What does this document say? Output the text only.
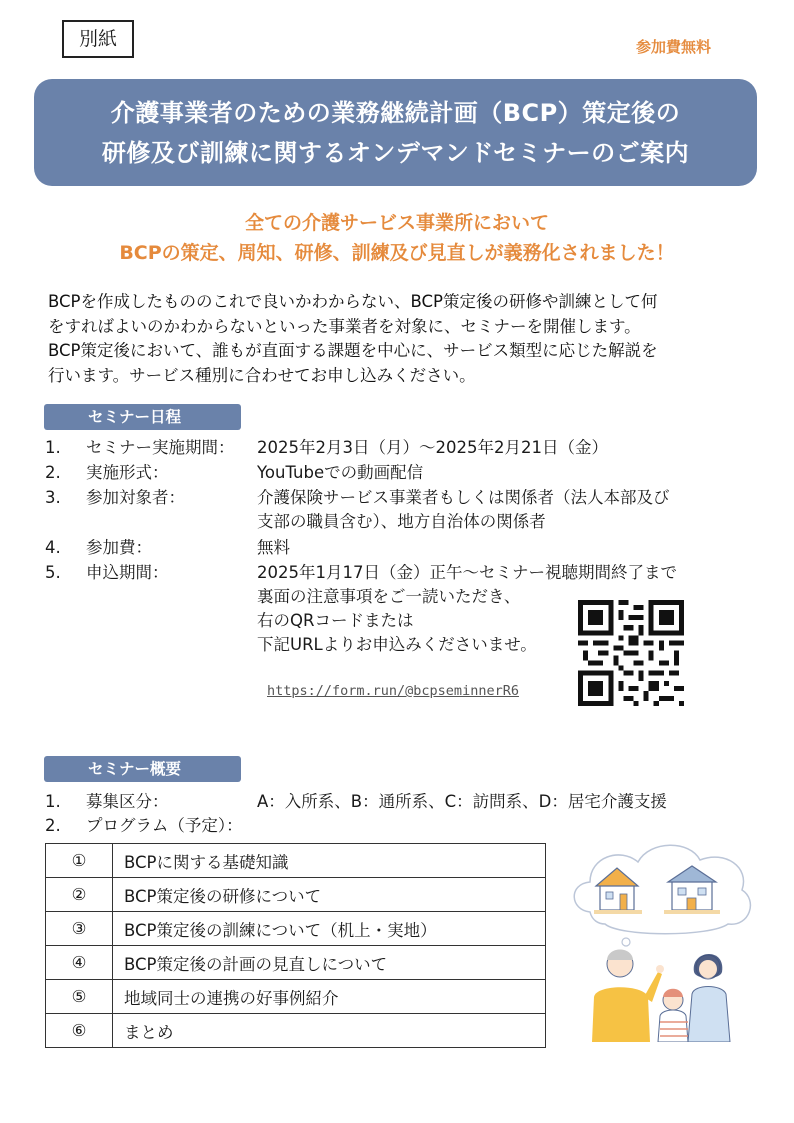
別紙	参加費無料
介護事業者のための業務継続計画（BCP）策定後の
研修及び訓練に関するオンデマンドセミナーのご案内
全ての介護サービス事業所において
BCPの策定、周知、研修、訓練及び見直しが義務化されました！

BCPを作成したもののこれで良いかわからない、BCP策定後の研修や訓練として何

をすればよいのかわからないといった事業者を対象に、セミナーを開催します。

BCP策定後において、誰もが直面する課題を中心に、サービス類型に応じた解説を

行います。サービス種別に合わせてお申し込みください。

セミナー日程
1. セミナー実施期間： 2025年2月3日（月）～2025年2月21日（金）
2. 実施形式：	YouTubeでの動画配信
3. 参加対象者：	介護保険サービス事業者もしくは関係者（法人本部及び
支部の職員含む）、地方自治体の関係者
4. 参加費：	無料
5. 申込期間：	2025年1月17日（金）正午～セミナー視聴期間終了まで
裏面の注意事項をご一読いただき、
右のQRコードまたは
下記URLよりお申込みくださいませ。
https://form.run/@bcpseminnerR6
セミナー概要
1. 募集区分：	A：入所系、B：通所系、C：訪問系、D：居宅介護支援
2. プログラム（予定）：
①	BCPに関する基礎知識
②	BCP策定後の研修について
③	BCP策定後の訓練について（机上・実地）
④	BCP策定後の計画の見直しについて
⑤	地域同士の連携の好事例紹介
⑥	まとめ
